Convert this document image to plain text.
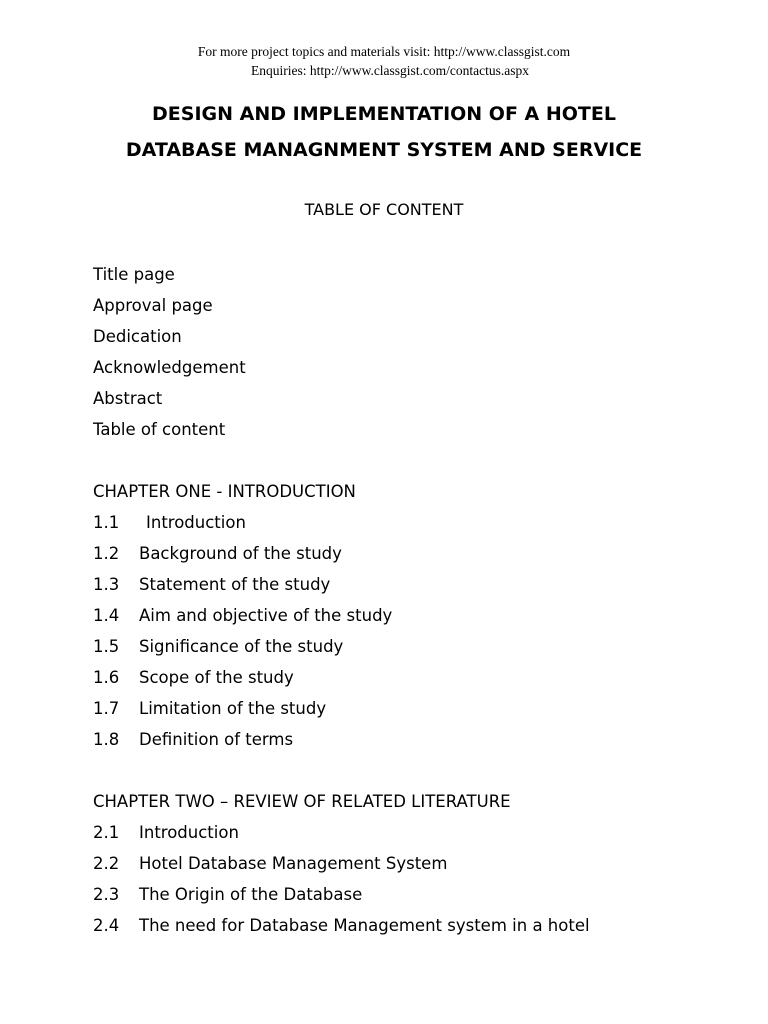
For more project topics and materials visit: http://www.classgist.com
Enquiries: http://www.classgist.com/contactus.aspx
DESIGN AND IMPLEMENTATION OF A HOTEL
DATABASE MANAGNMENT SYSTEM AND SERVICE
TABLE OF CONTENT
Title page
Approval page
Dedication
Acknowledgement
Abstract
Table of content
CHAPTER ONE - INTRODUCTION
1.1 Introduction
1.2 Background of the study
1.3 Statement of the study
1.4 Aim and objective of the study
1.5 Significance of the study
1.6 Scope of the study
1.7 Limitation of the study
1.8 Definition of terms
CHAPTER TWO – REVIEW OF RELATED LITERATURE
2.1 Introduction
2.2 Hotel Database Management System
2.3 The Origin of the Database
2.4 The need for Database Management system in a hotel
